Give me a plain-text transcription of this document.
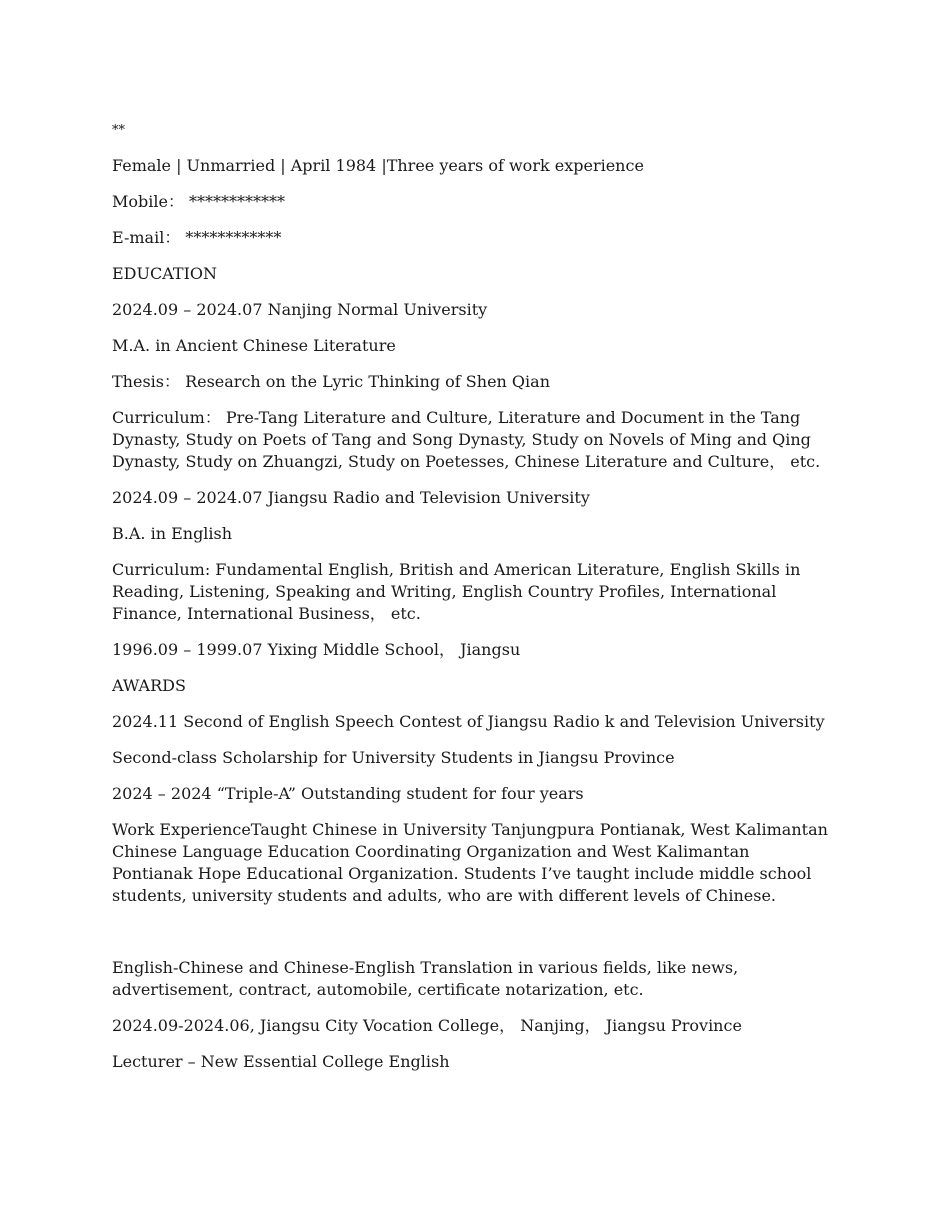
**

Female | Unmarried | April 1984 |Three years of work experience

Mobile： ************

E-mail： ************

EDUCATION

2024.09 – 2024.07 Nanjing Normal University

M.A. in Ancient Chinese Literature

Thesis： Research on the Lyric Thinking of Shen Qian

Curriculum： Pre-Tang Literature and Culture, Literature and Document in the Tang Dynasty, Study on Poets of Tang and Song Dynasty, Study on Novels of Ming and Qing Dynasty, Study on Zhuangzi, Study on Poetesses, Chinese Literature and Culture， etc.

2024.09 – 2024.07 Jiangsu Radio and Television University

B.A. in English

Curriculum: Fundamental English, British and American Literature, English Skills in Reading, Listening, Speaking and Writing, English Country Profiles, International Finance, International Business， etc.

1996.09 – 1999.07 Yixing Middle School， Jiangsu

AWARDS

2024.11 Second of English Speech Contest of Jiangsu Radio k and Television University

Second-class Scholarship for University Students in Jiangsu Province

2024 – 2024 “Triple-A” Outstanding student for four years

Work ExperienceTaught Chinese in University Tanjungpura Pontianak, West Kalimantan Chinese Language Education Coordinating Organization and West Kalimantan Pontianak Hope Educational Organization. Students I’ve taught include middle school students, university students and adults, who are with different levels of Chinese.

English-Chinese and Chinese-English Translation in various fields, like news, advertisement, contract, automobile, certificate notarization, etc.

2024.09-2024.06, Jiangsu City Vocation College， Nanjing， Jiangsu Province

Lecturer – New Essential College English
